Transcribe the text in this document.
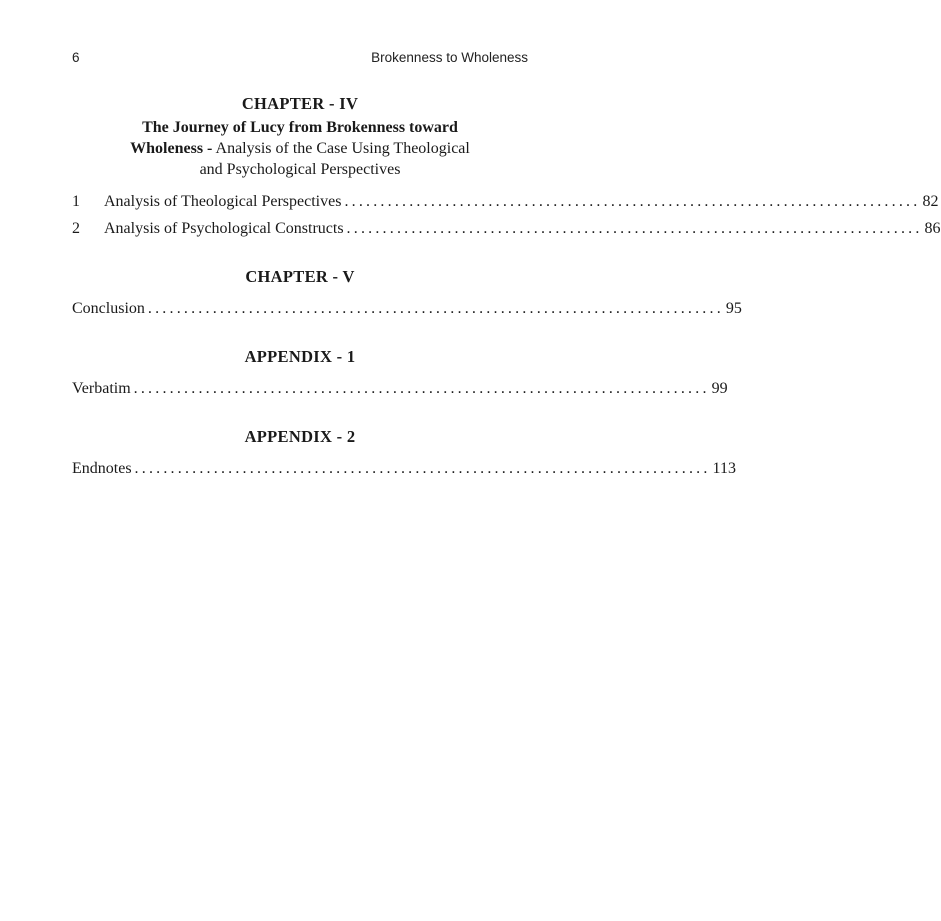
6	Brokenness to Wholeness
CHAPTER - IV
The Journey of Lucy from Brokenness toward
Wholeness - Analysis of the Case Using Theological
and Psychological Perspectives
1	Analysis of Theological Perspectives ................................................................................ 82
2	Analysis of Psychological Constructs ................................................................................ 86
CHAPTER - V
Conclusion ................................................................................ 95
APPENDIX - 1
Verbatim ................................................................................ 99
APPENDIX - 2
Endnotes ................................................................................ 113
